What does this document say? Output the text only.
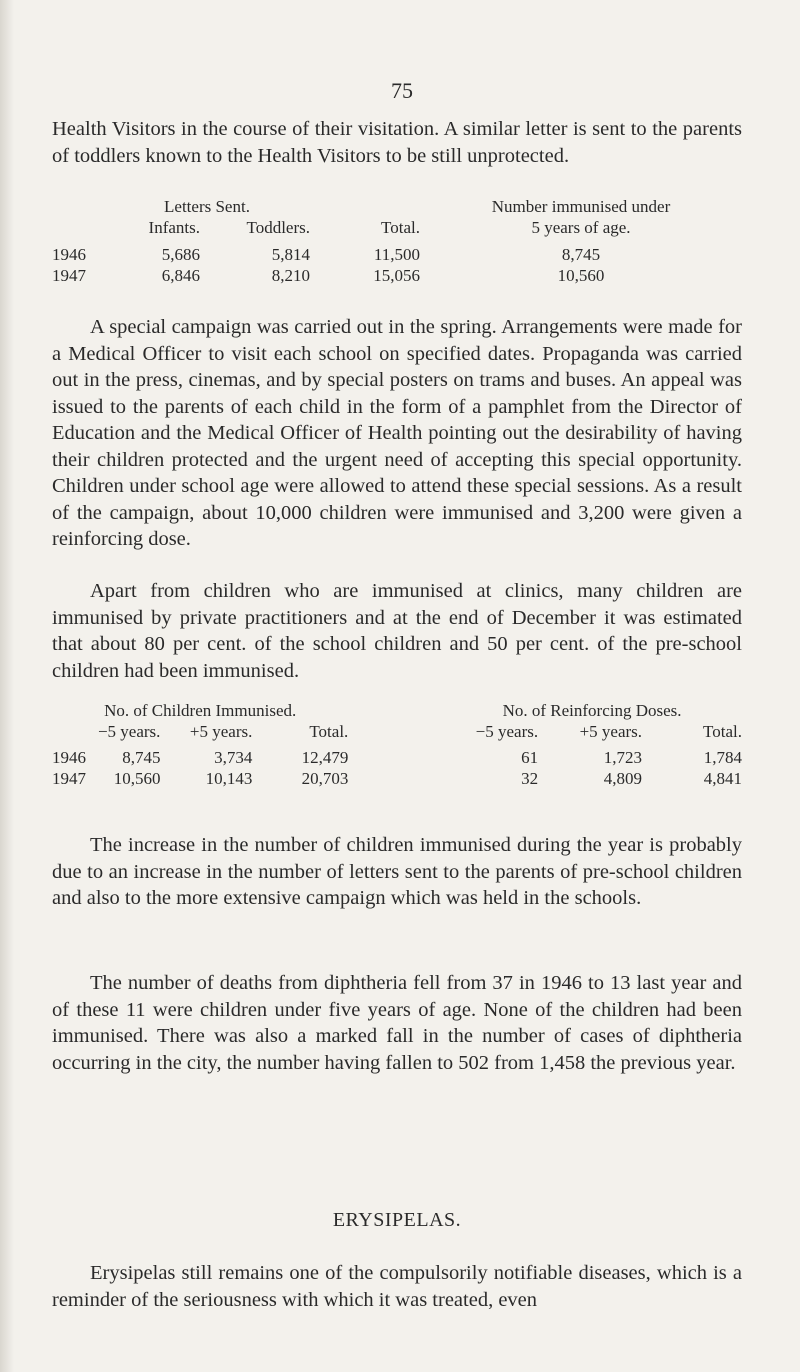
75

Health Visitors in the course of their visitation. A similar letter is sent to the parents of toddlers known to the Health Visitors to be still unprotected.

	Letters Sent.			Number immunised under
	Infants.	Toddlers.	Total.	5 years of age.

1946	5,686	5,814	11,500	8,745
1947	6,846	8,210	15,056	10,560

A special campaign was carried out in the spring. Arrangements were made for a Medical Officer to visit each school on specified dates. Propaganda was carried out in the press, cinemas, and by special posters on trams and buses. An appeal was issued to the parents of each child in the form of a pamphlet from the Director of Education and the Medical Officer of Health pointing out the desirability of having their children protected and the urgent need of accepting this special opportunity. Children under school age were allowed to attend these special sessions. As a result of the campaign, about 10,000 children were immunised and 3,200 were given a reinforcing dose.

Apart from children who are immunised at clinics, many children are immunised by private practitioners and at the end of December it was estimated that about 80 per cent. of the school children and 50 per cent. of the pre-school children had been immunised.

No. of Children Immunised.					No. of Reinforcing Doses.		
	−5 years.	+5 years.	Total.		−5 years.	+5 years.	Total.

1946	8,745	3,734	12,479		61	1,723	1,784
1947	10,560	10,143	20,703		32	4,809	4,841

The increase in the number of children immunised during the year is probably due to an increase in the number of letters sent to the parents of pre-school children and also to the more extensive campaign which was held in the schools.

The number of deaths from diphtheria fell from 37 in 1946 to 13 last year and of these 11 were children under five years of age. None of the children had been immunised. There was also a marked fall in the number of cases of diphtheria occurring in the city, the number having fallen to 502 from 1,458 the previous year.

ERYSIPELAS.

Erysipelas still remains one of the compulsorily notifiable diseases, which is a reminder of the seriousness with which it was treated, even
